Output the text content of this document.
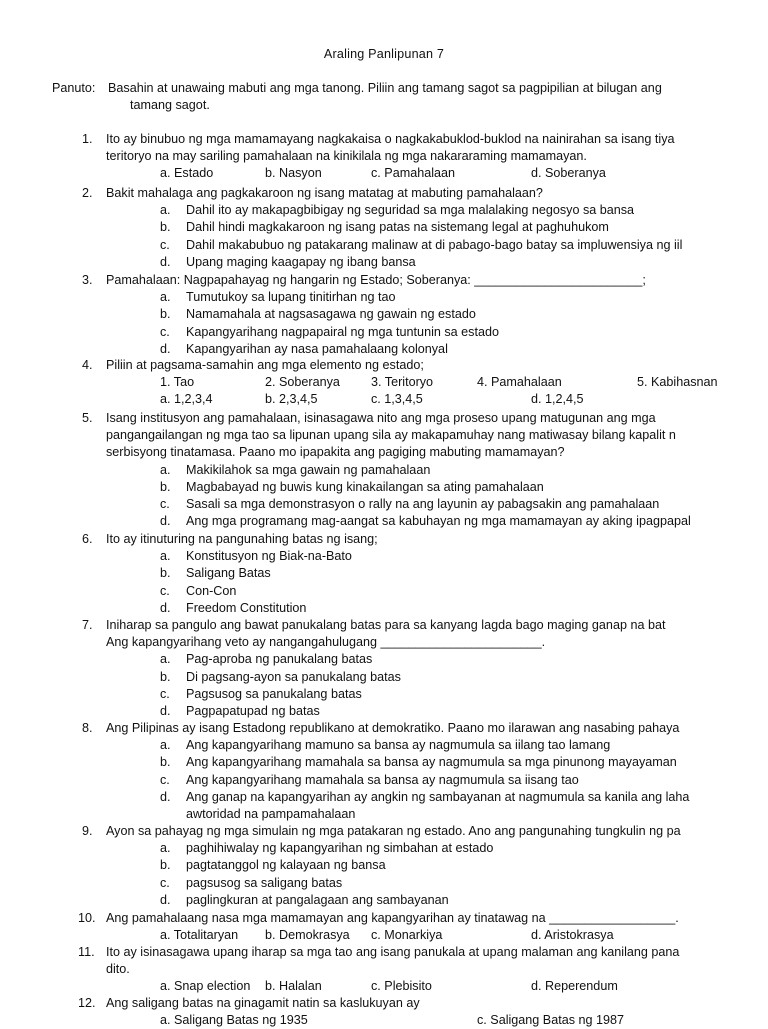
Araling Panlipunan 7
Panuto: Basahin at unawaing mabuti ang mga tanong. Piliin ang tamang sagot sa pagpipilian at bilugan ang
tamang sagot.
1. Ito ay binubuo ng mga mamamayang nagkakaisa o nagkakabuklod-buklod na nainirahan sa isang tiya
teritoryo na may sariling pamahalaan na kinikilala ng mga nakararaming mamamayan.
a. Estado	b. Nasyon	c. Pamahalaan	d. Soberanya
2. Bakit mahalaga ang pagkakaroon ng isang matatag at mabuting pamahalaan?
a. Dahil ito ay makapagbibigay ng seguridad sa mga malalaking negosyo sa bansa
b. Dahil hindi magkakaroon ng isang patas na sistemang legal at paghuhukom
c. Dahil makabubuo ng patakarang malinaw at di pabago-bago batay sa impluwensiya ng iil
d. Upang maging kaagapay ng ibang bansa
3. Pamahalaan: Nagpapahayag ng hangarin ng Estado; Soberanya: ________________________;
a. Tumutukoy sa lupang tinitirhan ng tao
b. Namamahala at nagsasagawa ng gawain ng estado
c. Kapangyarihang nagpapairal ng mga tuntunin sa estado
d. Kapangyarihan ay nasa pamahalaang kolonyal
4. Piliin at pagsama-samahin ang mga elemento ng estado;
1. Tao	2. Soberanya 3. Teritoryo	4. Pamahalaan	5. Kabihasnan
a. 1,2,3,4	b. 2,3,4,5	c. 1,3,4,5	d. 1,2,4,5
5. Isang institusyon ang pamahalaan, isinasagawa nito ang mga proseso upang matugunan ang mga
pangangailangan ng mga tao sa lipunan upang sila ay makapamuhay nang matiwasay bilang kapalit n
serbisyong tinatamasa. Paano mo ipapakita ang pagiging mabuting mamamayan?
a. Makikilahok sa mga gawain ng pamahalaan
b. Magbabayad ng buwis kung kinakailangan sa ating pamahalaan
c. Sasali sa mga demonstrasyon o rally na ang layunin ay pabagsakin ang pamahalaan
d. Ang mga programang mag-aangat sa kabuhayan ng mga mamamayan ay aking ipagpapal
6. Ito ay itinuturing na pangunahing batas ng isang;
a. Konstitusyon ng Biak-na-Bato
b. Saligang Batas
c. Con-Con
d. Freedom Constitution
7. Iniharap sa pangulo ang bawat panukalang batas para sa kanyang lagda bago maging ganap na bat
Ang kapangyarihang veto ay nangangahulugang _______________________.
a. Pag-aproba ng panukalang batas
b. Di pagsang-ayon sa panukalang batas
c. Pagsusog sa panukalang batas
d. Pagpapatupad ng batas
8. Ang Pilipinas ay isang Estadong republikano at demokratiko. Paano mo ilarawan ang nasabing pahaya
a. Ang kapangyarihang mamuno sa bansa ay nagmumula sa iilang tao lamang
b. Ang kapangyarihang mamahala sa bansa ay nagmumula sa mga pinunong mayayaman
c. Ang kapangyarihang mamahala sa bansa ay nagmumula sa iisang tao
d. Ang ganap na kapangyarihan ay angkin ng sambayanan at nagmumula sa kanila ang laha
awtoridad na pampamahalaan
9. Ayon sa pahayag ng mga simulain ng mga patakaran ng estado. Ano ang pangunahing tungkulin ng pa
a. paghihiwalay ng kapangyarihan ng simbahan at estado
b. pagtatanggol ng kalayaan ng bansa
c. pagsusog sa saligang batas
d. paglingkuran at pangalagaan ang sambayanan
10. Ang pamahalaang nasa mga mamamayan ang kapangyarihan ay tinatawag na __________________.
a. Totalitaryan b. Demokrasya c. Monarkiya	d. Aristokrasya
11. Ito ay isinasagawa upang iharap sa mga tao ang isang panukala at upang malaman ang kanilang pana
dito.
a. Snap election b. Halalan	c. Plebisito	d. Reperendum
12. Ang saligang batas na ginagamit natin sa kaslukuyan ay
a. Saligang Batas ng 1935	c. Saligang Batas ng 1987
